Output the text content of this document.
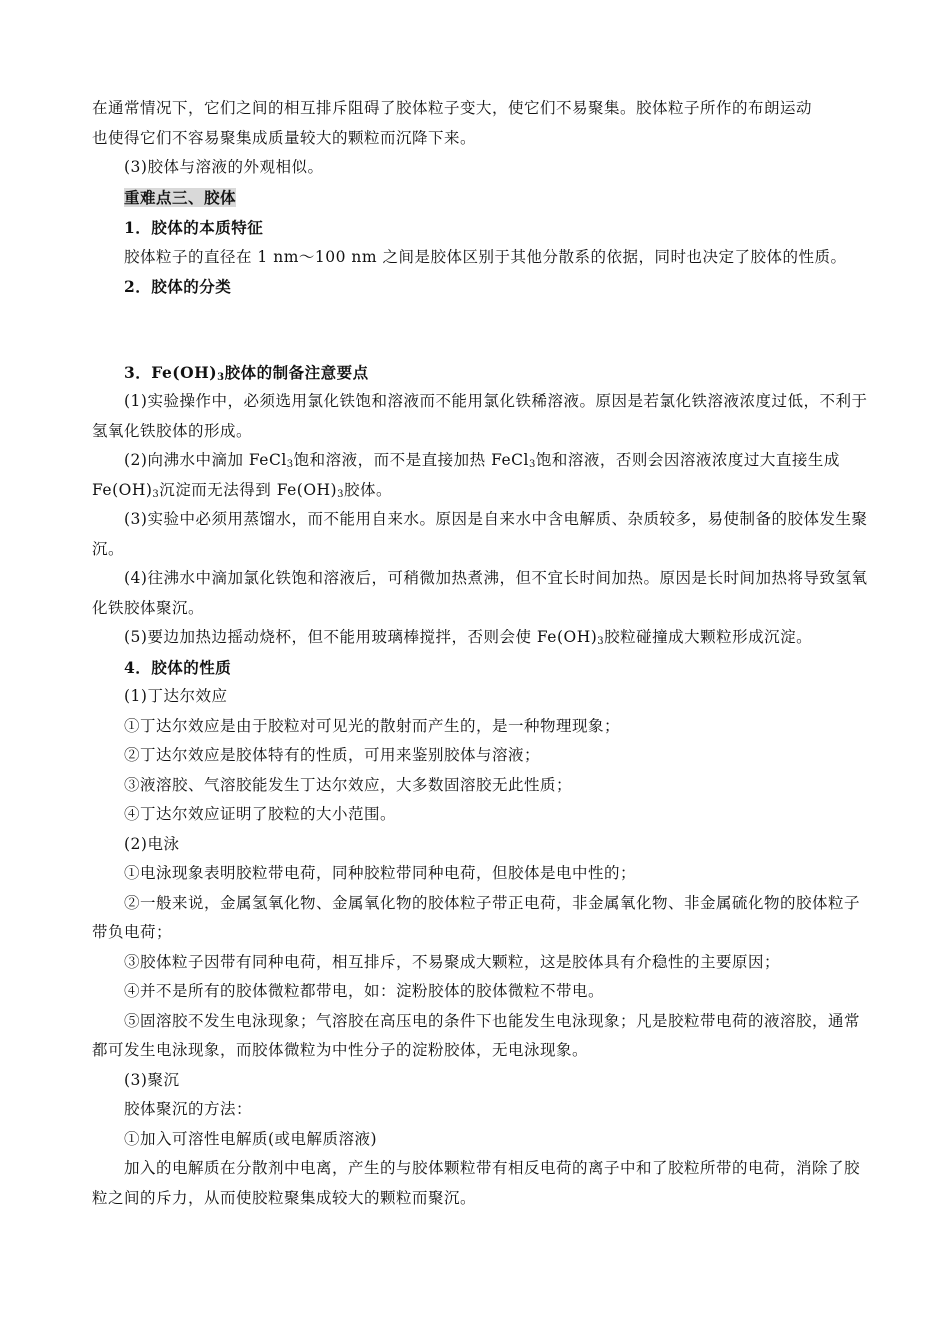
在通常情况下，它们之间的相互排斥阻碍了胶体粒子变大，使它们不易聚集。胶体粒子所作的布朗运动

也使得它们不容易聚集成质量较大的颗粒而沉降下来。

(3)胶体与溶液的外观相似。

重难点三、胶体

1．胶体的本质特征

胶体粒子的直径在 1 nm～100 nm 之间是胶体区别于其他分散系的依据，同时也决定了胶体的性质。

2．胶体的分类

3．$Fe(OH)_3$胶体的制备注意要点

(1)实验操作中，必须选用氯化铁饱和溶液而不能用氯化铁稀溶液。原因是若氯化铁溶液浓度过低，不利于氢氧化铁胶体的形成。

(2)向沸水中滴加 FeCl$_3$饱和溶液，而不是直接加热 FeCl$_3$饱和溶液，否则会因溶液浓度过大直接生成 $Fe(OH)_3$沉淀而无法得到 $Fe(OH)_3$胶体。

(3)实验中必须用蒸馏水，而不能用自来水。原因是自来水中含电解质、杂质较多，易使制备的胶体发生聚沉。

(4)往沸水中滴加氯化铁饱和溶液后，可稍微加热煮沸，但不宜长时间加热。原因是长时间加热将导致氢氧化铁胶体聚沉。

(5)要边加热边摇动烧杯，但不能用玻璃棒搅拌，否则会使 $Fe(OH)_3$胶粒碰撞成大颗粒形成沉淀。

4．胶体的性质

(1)丁达尔效应

①丁达尔效应是由于胶粒对可见光的散射而产生的，是一种物理现象；

②丁达尔效应是胶体特有的性质，可用来鉴别胶体与溶液；

③液溶胶、气溶胶能发生丁达尔效应，大多数固溶胶无此性质；

④丁达尔效应证明了胶粒的大小范围。

(2)电泳

①电泳现象表明胶粒带电荷，同种胶粒带同种电荷，但胶体是电中性的；

②一般来说，金属氢氧化物、金属氧化物的胶体粒子带正电荷，非金属氧化物、非金属硫化物的胶体粒子带负电荷；

③胶体粒子因带有同种电荷，相互排斥，不易聚成大颗粒，这是胶体具有介稳性的主要原因；

④并不是所有的胶体微粒都带电，如：淀粉胶体的胶体微粒不带电。

⑤固溶胶不发生电泳现象；气溶胶在高压电的条件下也能发生电泳现象；凡是胶粒带电荷的液溶胶，通常都可发生电泳现象，而胶体微粒为中性分子的淀粉胶体，无电泳现象。

(3)聚沉

胶体聚沉的方法：

①加入可溶性电解质(或电解质溶液)

加入的电解质在分散剂中电离，产生的与胶体颗粒带有相反电荷的离子中和了胶粒所带的电荷，消除了胶粒之间的斥力，从而使胶粒聚集成较大的颗粒而聚沉。
